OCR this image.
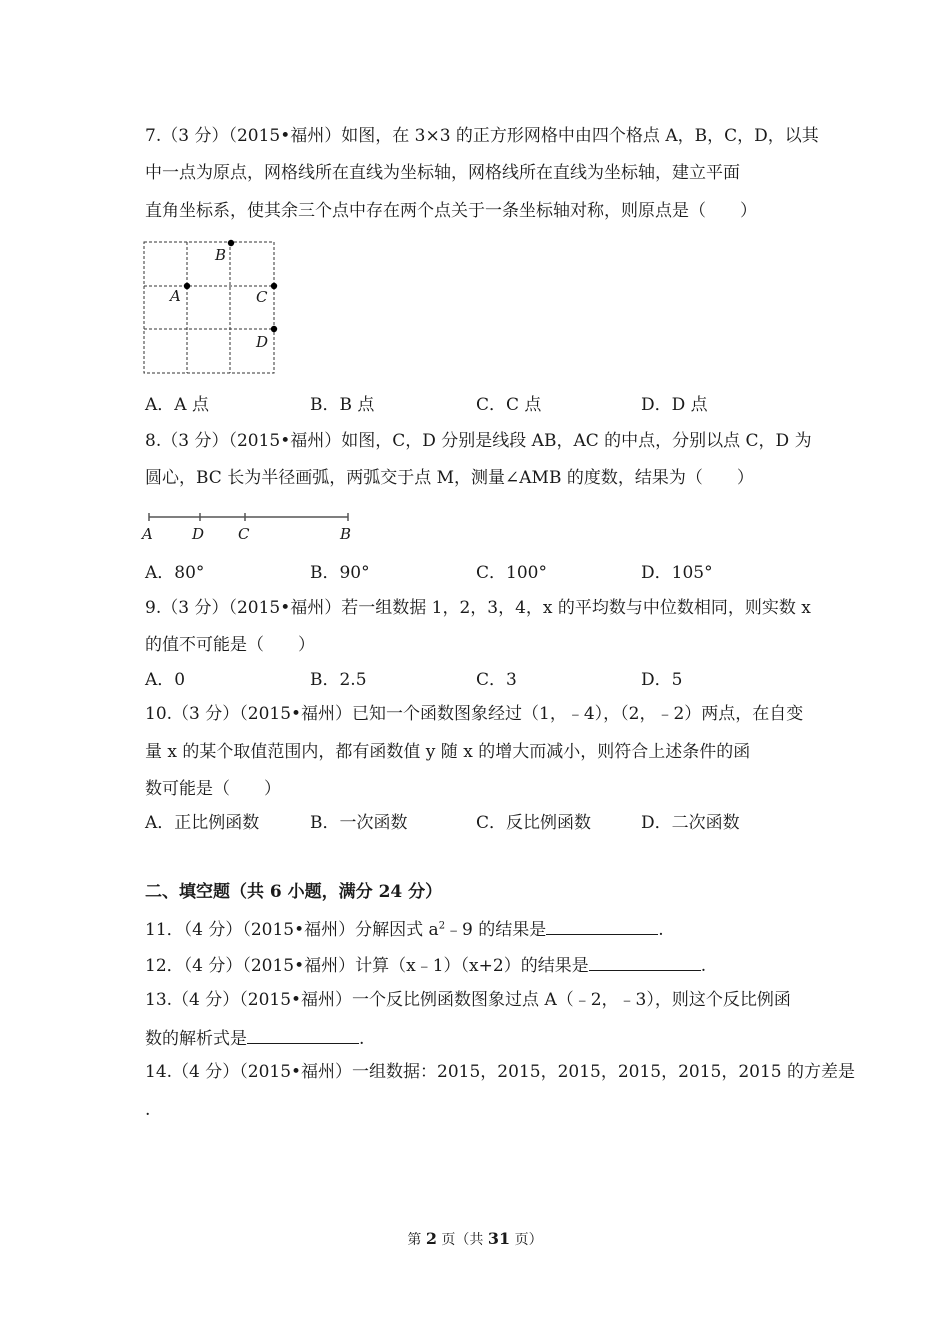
7.（3 分）（2015•福州）如图，在 3×3 的正方形网格中由四个格点 A，B，C，D，以其
中一点为原点，网格线所在直线为坐标轴，网格线所在直线为坐标轴，建立平面
直角坐标系，使其余三个点中存在两个点关于一条坐标轴对称，则原点是（　　）
B
A	C
D
A．A 点	B．B 点	C．C 点	D．D 点
8.（3 分）（2015•福州）如图，C，D 分别是线段 AB，AC 的中点，分别以点 C，D 为
圆心，BC 长为半径画弧，两弧交于点 M，测量∠AMB 的度数，结果为（　　）
A	D C	B
A．80°	B．90°	C．100°	D．105°
9.（3 分）（2015•福州）若一组数据 1，2，3，4，x 的平均数与中位数相同，则实数 x
的值不可能是（　　）
A．0	B．2.5	C．3	D．5
10.（3 分）（2015•福州）已知一个函数图象经过（1，﹣4），（2，﹣2）两点，在自变
量 x 的某个取值范围内，都有函数值 y 随 x 的增大而减小，则符合上述条件的函
数可能是（　　）
A．正比例函数	B．一次函数	C．反比例函数	D．二次函数
二、填空题（共 6 小题，满分 24 分）
11．（4 分）（2015•福州）分解因式 $a^2﹣9$ 的结果是	.
12．（4 分）（2015•福州）计算（x﹣1）（x+2）的结果是	.
13.（4 分）（2015•福州）一个反比例函数图象过点 A（﹣2，﹣3），则这个反比例函
数的解析式是	.
14.（4 分）（2015•福州）一组数据：2015，2015，2015，2015，2015，2015 的方差是
.
第 2 页（共 31 页）
